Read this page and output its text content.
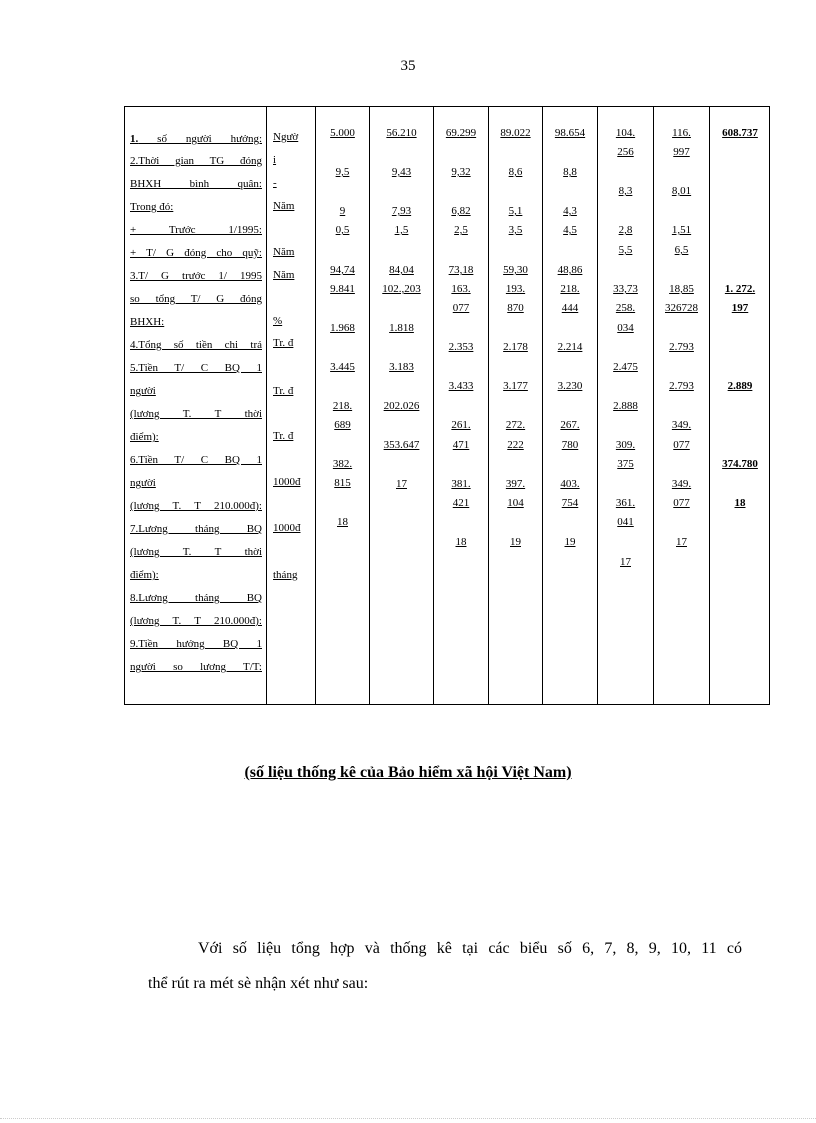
35
1. số người hưởng:
2.Thời gian TG đóng
BHXH bình quân:
Trong đó:
+ Trước 1/1995:
+ T/ G đóng cho quỹ:
3.T/ G trước 1/ 1995
so tổng T/ G đóng
BHXH:
4.Tổng số tiền chi trả
5.Tiền T/ C BQ 1
người
(lương T. T thời
điểm):
6.Tiền T/ C BQ 1
người
(lương T. T 210.000đ):
7.Lương tháng BQ
(lương T. T thời
điểm):
8.Lương tháng BQ
(lương T. T 210.000đ):
9.Tiền hưởng BQ 1
người so lương T/T:
Ngườ
i
-
Năm
Năm
Năm
%
Tr. đ
Tr. đ
Tr. đ
1000đ
1000đ
tháng
5.000
9,5
9
0,5
94,74
9.841
1.968
3.445
218.
689
382.
815
18
56.210
9,43
7,93
1,5
84,04
102.,203
1.818
3.183
202.026
353.647
17
69.299
9,32
6,82
2,5
73,18
163.
077
2.353
3.433
261.
471
381.
421
18
89.022
8,6
5,1
3,5
59,30
193.
870
2.178
3.177
272.
222
397.
104
19
98.654
8,8
4,3
4,5
48,86
218.
444
2.214
3.230
267.
780
403.
754
19
104.
256
8,3
2,8
5,5
33,73
258.
034
2.475
2.888
309.
375
361.
041
17
116.
997
8,01
1,51
6,5
18,85
326728
2.793
2.793
349.
077
349.
077
17
608.737
1. 272.
197
2.889
374.780
18
(số liệu thống kê của Bảo hiểm xã hội Việt Nam)
Với số liệu tổng hợp và thống kê tại các biểu số 6, 7, 8, 9, 10, 11 có
thể rút ra mét sè nhận xét như sau:
